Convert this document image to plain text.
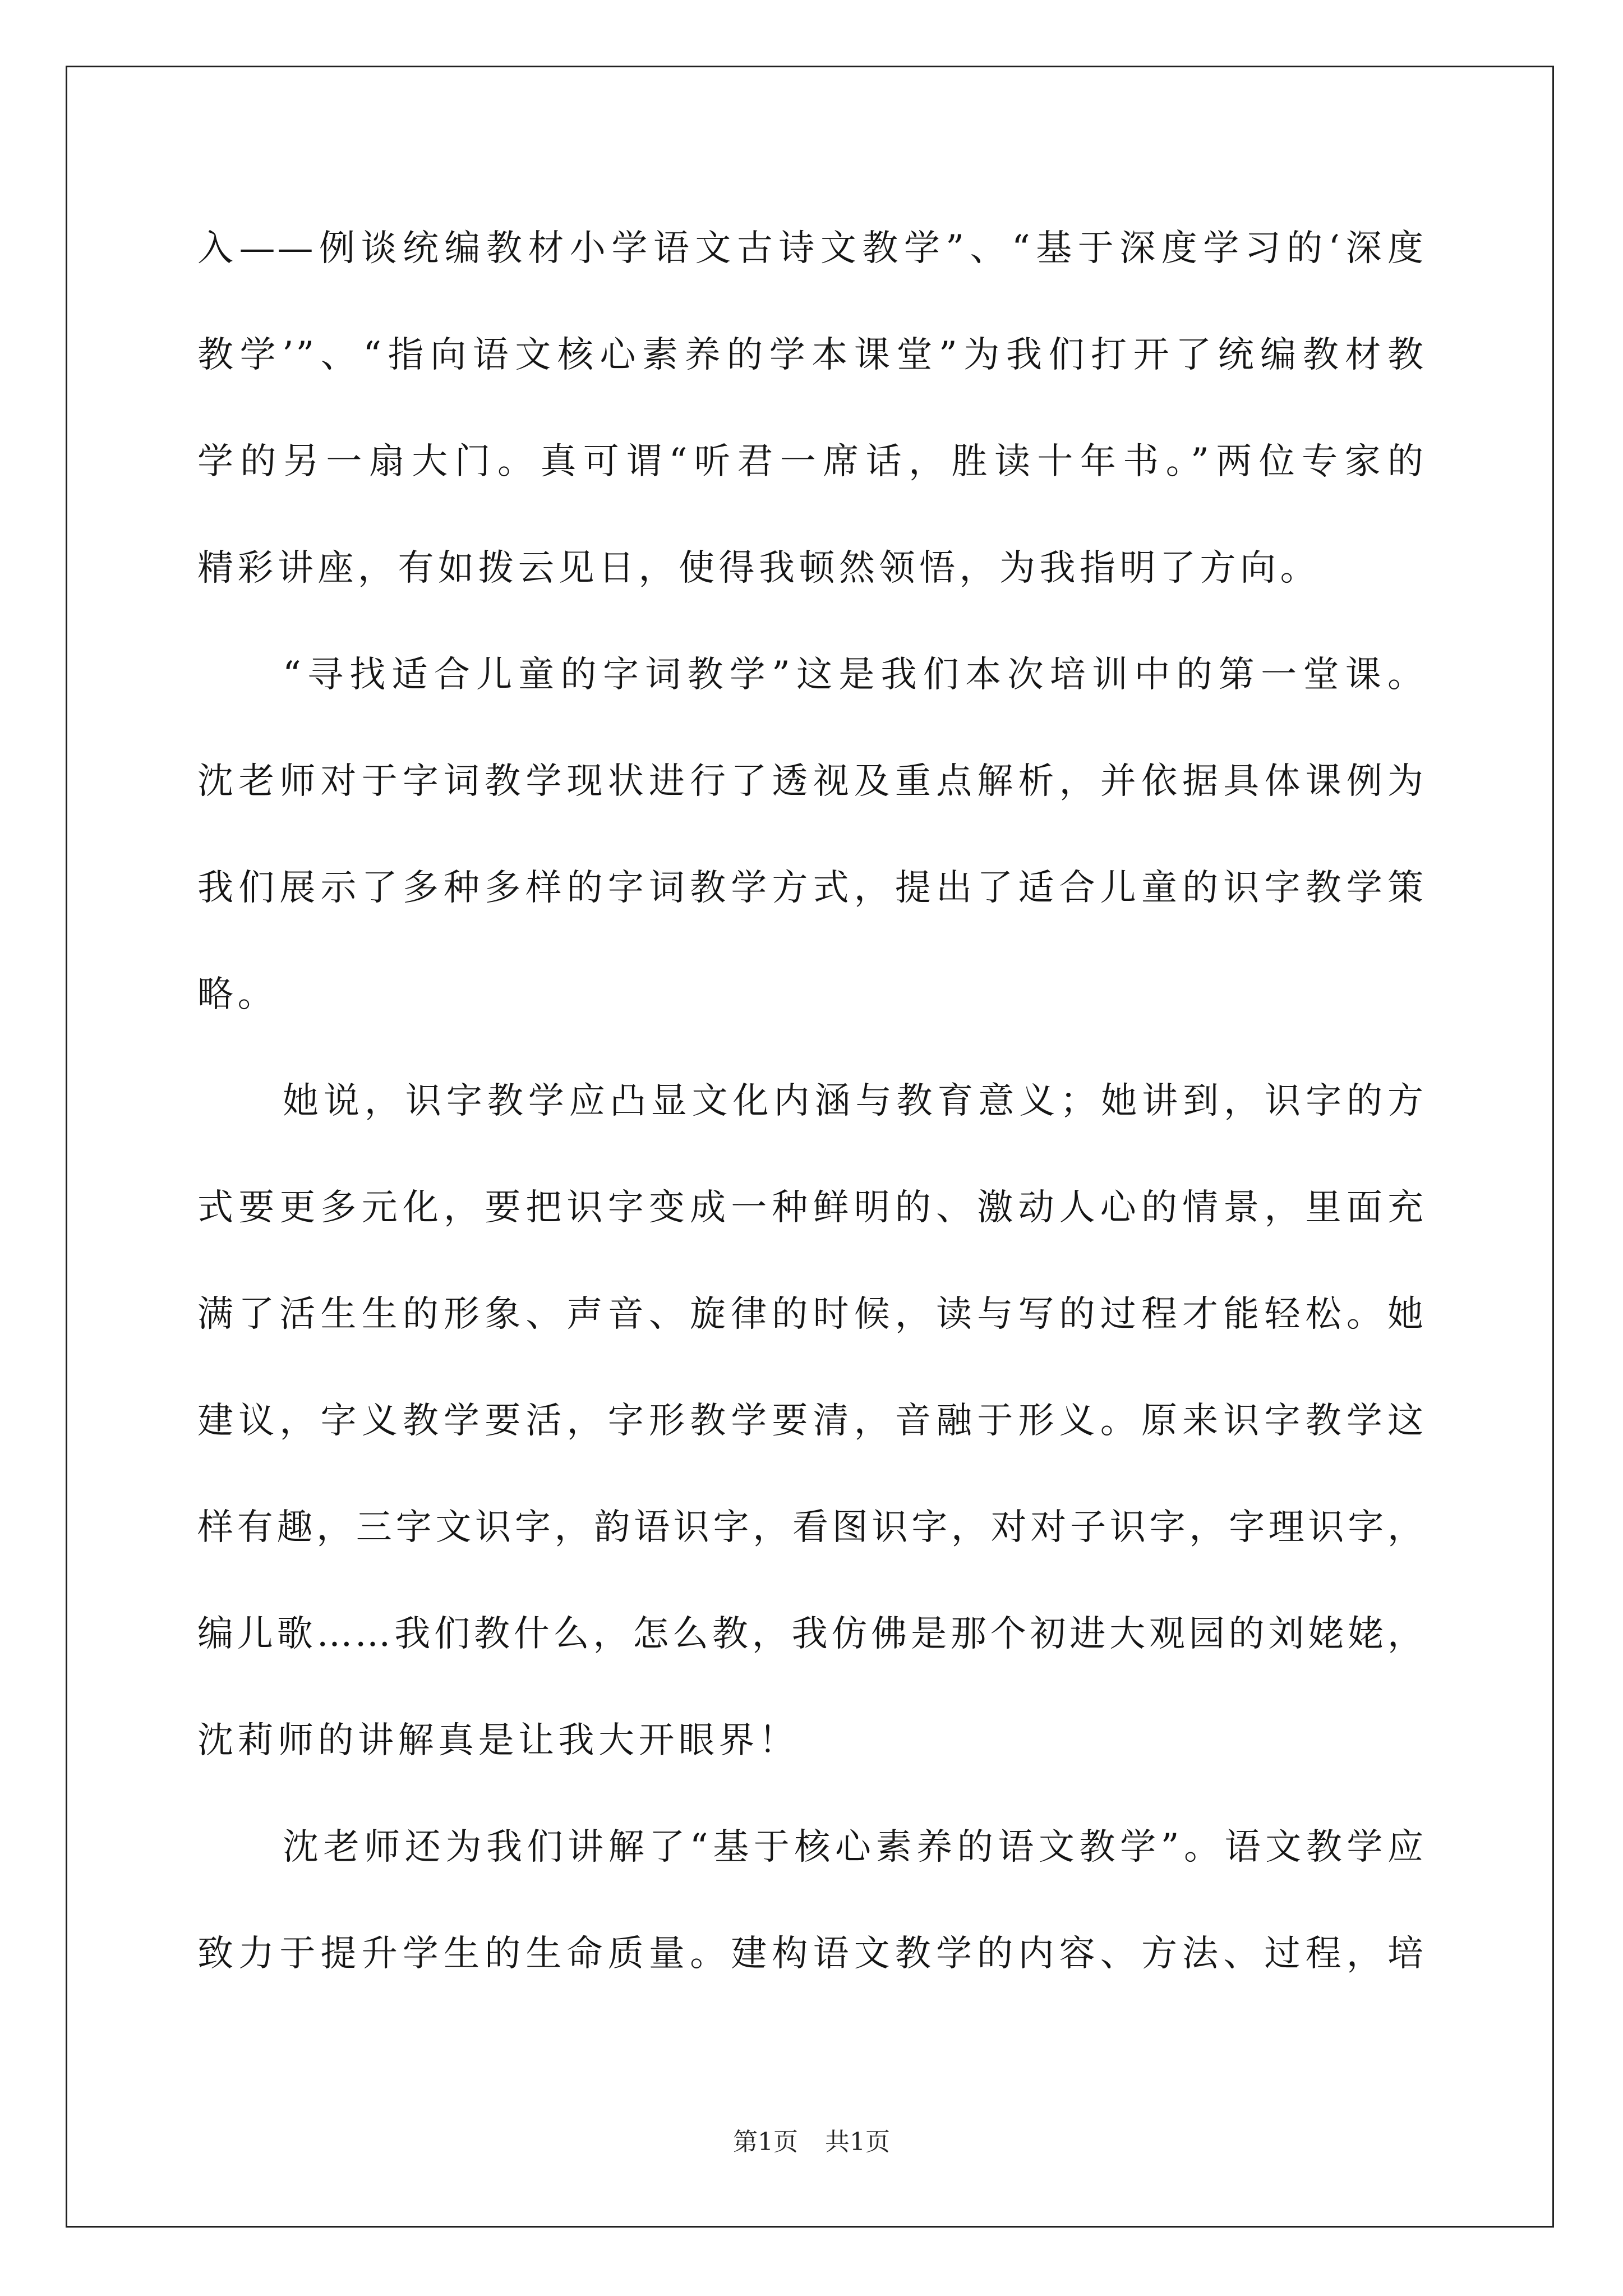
入——例谈统编教材小学语文古诗文教学”、“基于深度学习的‘深度
教学’”、“指向语文核心素养的学本课堂”为我们打开了统编教材教
学的另一扇大门。真可谓“听君一席话，胜读十年书。”两位专家的
精彩讲座，有如拨云见日，使得我顿然领悟，为我指明了方向。
“寻找适合儿童的字词教学”这是我们本次培训中的第一堂课。
沈老师对于字词教学现状进行了透视及重点解析，并依据具体课例为
我们展示了多种多样的字词教学方式，提出了适合儿童的识字教学策
略。
她说，识字教学应凸显文化内涵与教育意义；她讲到，识字的方
式要更多元化，要把识字变成一种鲜明的、激动人心的情景，里面充
满了活生生的形象、声音、旋律的时候，读与写的过程才能轻松。她
建议，字义教学要活，字形教学要清，音融于形义。原来识字教学这
样有趣，三字文识字，韵语识字，看图识字，对对子识字，字理识字，
编儿歌……我们教什么，怎么教，我仿佛是那个初进大观园的刘姥姥，
沈莉师的讲解真是让我大开眼界！
沈老师还为我们讲解了“基于核心素养的语文教学”。语文教学应
致力于提升学生的生命质量。建构语文教学的内容、方法、过程，培
第1页 共1页
